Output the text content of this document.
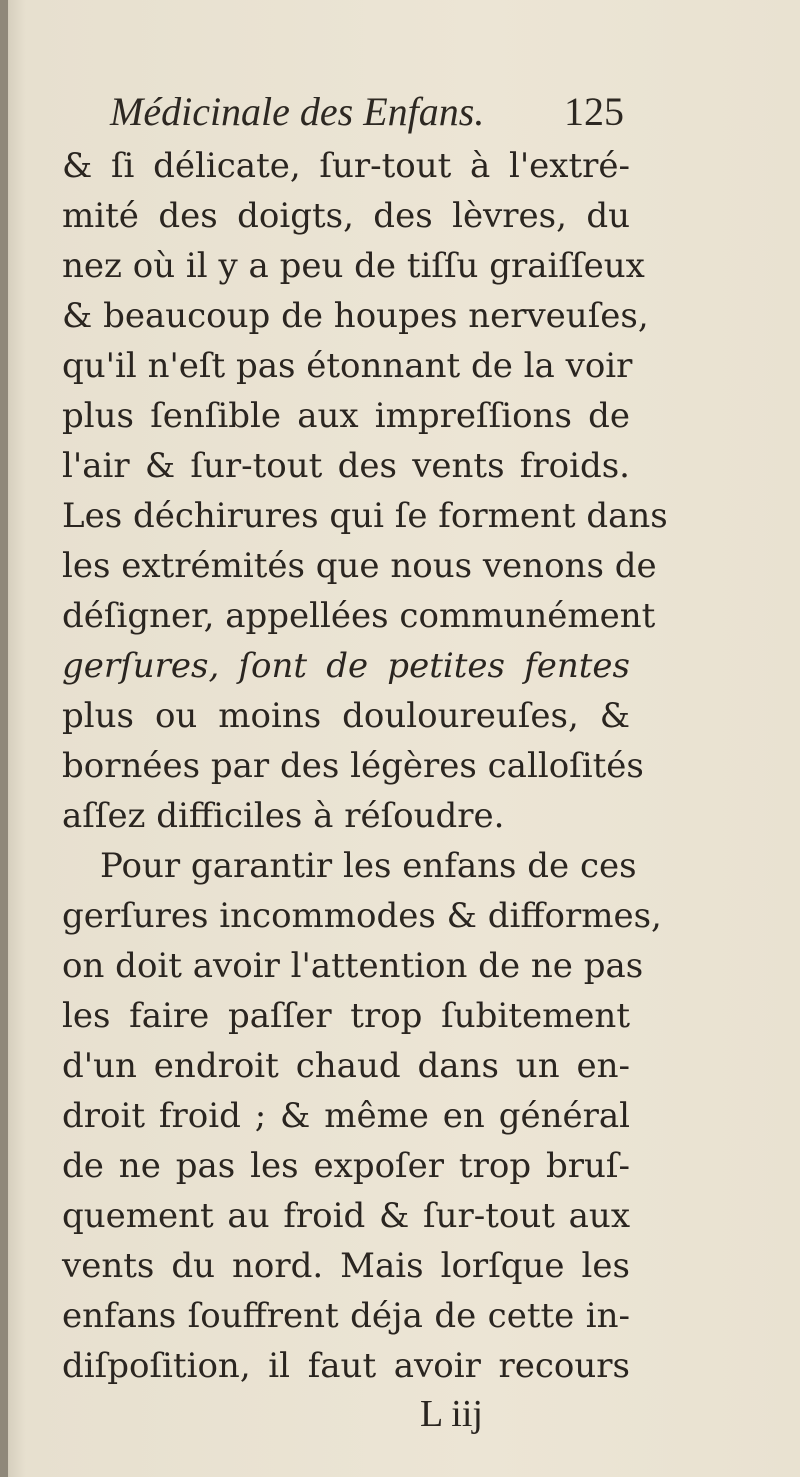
Médicinale des Enfans. 125
& ſi délicate, ſur-tout à l'extré-
mité des doigts, des lèvres, du
nez où il y a peu de tiſſu graiſſeux
& beaucoup de houpes nerveuſes,
qu'il n'eſt pas étonnant de la voir
plus ſenſible aux impreſſions de
l'air & ſur-tout des vents froids.
Les déchirures qui ſe forment dans
les extrémités que nous venons de
déſigner, appellées communément
gerſures, ſont de petites fentes
plus ou moins douloureuſes, &
bornées par des légères calloſités
aſſez difficiles à réſoudre.
Pour garantir les enfans de ces
gerſures incommodes & difformes,
on doit avoir l'attention de ne pas
les faire paſſer trop ſubitement
d'un endroit chaud dans un en-
droit froid ; & même en général
de ne pas les expoſer trop bruſ-
quement au froid & ſur-tout aux
vents du nord. Mais lorſque les
enfans ſouffrent déja de cette in-
diſpoſition, il faut avoir recours
L iij
